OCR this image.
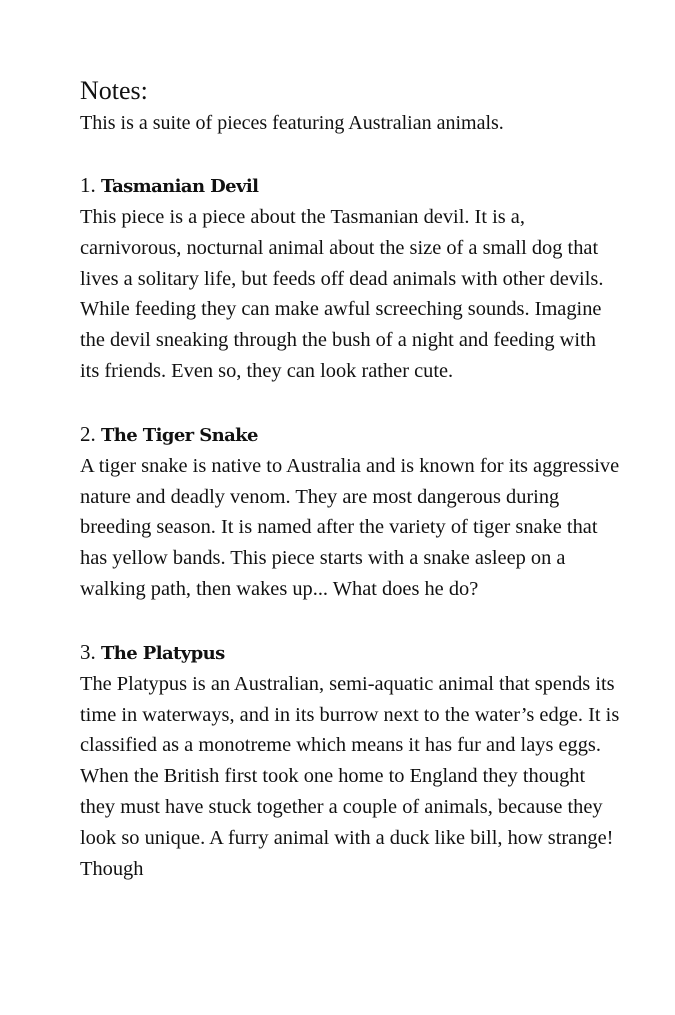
Notes:

This is a suite of pieces featuring Australian animals.

1. Tasmanian Devil

This piece is a piece about the Tasmanian devil. It is a, carnivorous, nocturnal animal about the size of a small dog that lives a solitary life, but feeds off dead animals with other devils. While feeding they can make awful screeching sounds. Imagine the devil sneaking through the bush of a night and feeding with its friends. Even so, they can look rather cute.

2. The Tiger Snake

A tiger snake is native to Australia and is known for its aggressive nature and deadly venom. They are most dangerous during breeding season. It is named after the variety of tiger snake that has yellow bands. This piece starts with a snake asleep on a walking path, then wakes up... What does he do?

3. The Platypus

The Platypus is an Australian, semi-aquatic animal that spends its time in waterways, and in its burrow next to the water’s edge. It is classified as a monotreme which means it has fur and lays eggs. When the British first took one home to England they thought they must have stuck together a couple of animals, because they look so unique. A furry animal with a duck like bill, how strange! Though
